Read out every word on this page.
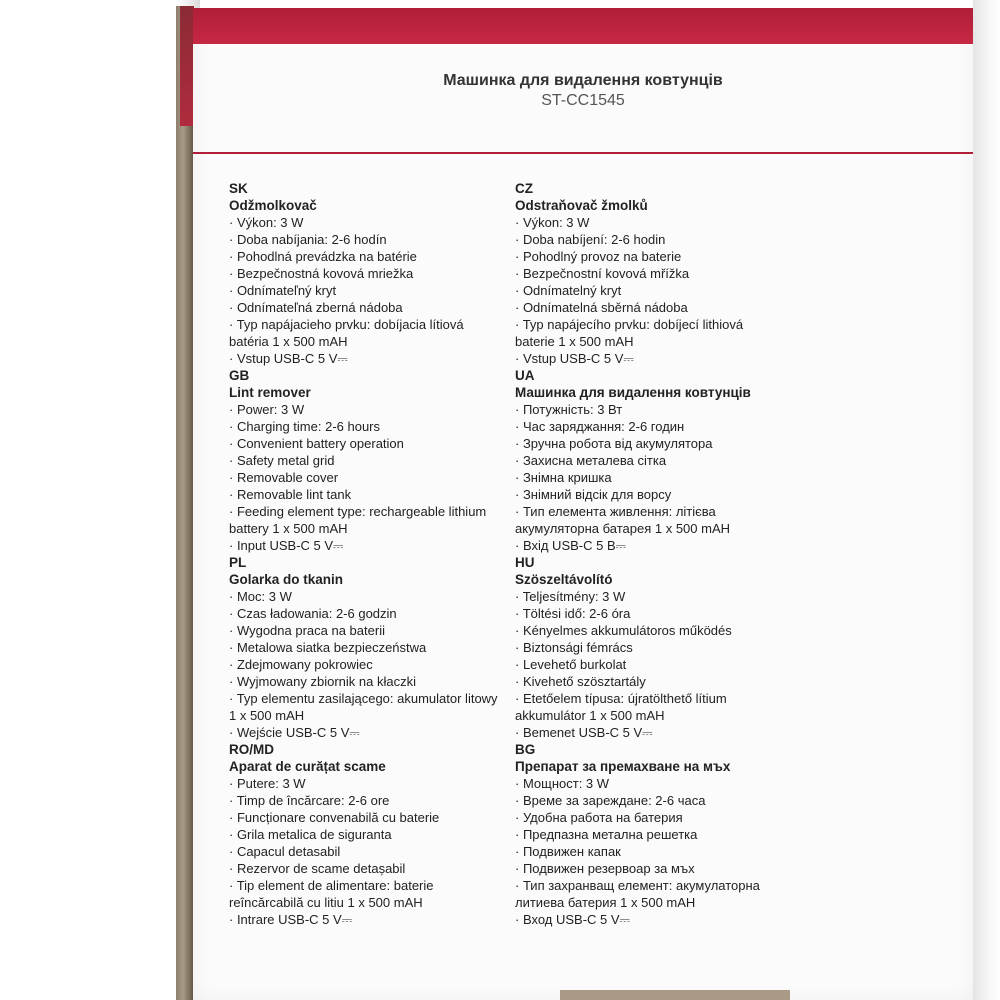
Машинка для видалення ковтунців
ST-CC1545
SK
Odžmolkovač
· Výkon: 3 W
· Doba nabíjania: 2-6 hodín
· Pohodlná prevádzka na batérie
· Bezpečnostná kovová mriežka
· Odnímateľný kryt
· Odnímateľná zberná nádoba
· Typ napájacieho prvku: dobíjacia lítiová batéria 1 x 500 mAH
· Vstup USB-C 5 V⎓
GB
Lint remover
· Power: 3 W
· Charging time: 2-6 hours
· Convenient battery operation
· Safety metal grid
· Removable cover
· Removable lint tank
· Feeding element type: rechargeable lithium battery 1 x 500 mAH
· Input USB-C 5 V⎓
PL
Golarka do tkanin
· Moc: 3 W
· Czas ładowania: 2-6 godzin
· Wygodna praca na baterii
· Metalowa siatka bezpieczeństwa
· Zdejmowany pokrowiec
· Wyjmowany zbiornik na kłaczki
· Typ elementu zasilającego: akumulator litowy 1 x 500 mAH
· Wejście USB-C 5 V⎓
RO/MD
Aparat de curățat scame
· Putere: 3 W
· Timp de încărcare: 2-6 ore
· Funcționare convenabilă cu baterie
· Grila metalica de siguranta
· Capacul detasabil
· Rezervor de scame detașabil
· Tip element de alimentare: baterie reîncărcabilă cu litiu 1 x 500 mAH
· Intrare USB-C 5 V⎓
CZ
Odstraňovač žmolků
· Výkon: 3 W
· Doba nabíjení: 2-6 hodin
· Pohodlný provoz na baterie
· Bezpečnostní kovová mřížka
· Odnímatelný kryt
· Odnímatelná sběrná nádoba
· Typ napájecího prvku: dobíjecí lithiová baterie 1 x 500 mAH
· Vstup USB-C 5 V⎓
UA
Машинка для видалення ковтунців
· Потужність: 3 Вт
· Час заряджання: 2-6 годин
· Зручна робота від акумулятора
· Захисна металева сітка
· Знімна кришка
· Знімний відсік для ворсу
· Тип елемента живлення: літієва акумуляторна батарея 1 x 500 mAH
· Вхід USB-C 5 В⎓
HU
Szöszeltávolító
· Teljesítmény: 3 W
· Töltési idő: 2-6 óra
· Kényelmes akkumulátoros működés
· Biztonsági fémrács
· Levehető burkolat
· Kivehető szösztartály
· Etetőelem típusa: újratölthető lítium akkumulátor 1 x 500 mAH
· Bemenet USB-C 5 V⎓
BG
Препарат за премахване на мъх
· Мощност: 3 W
· Време за зареждане: 2-6 часа
· Удобна работа на батерия
· Предпазна метална решетка
· Подвижен капак
· Подвижен резервоар за мъх
· Тип захранващ елемент: акумулаторна литиева батерия 1 x 500 mAH
· Вход USB-C 5 V⎓
